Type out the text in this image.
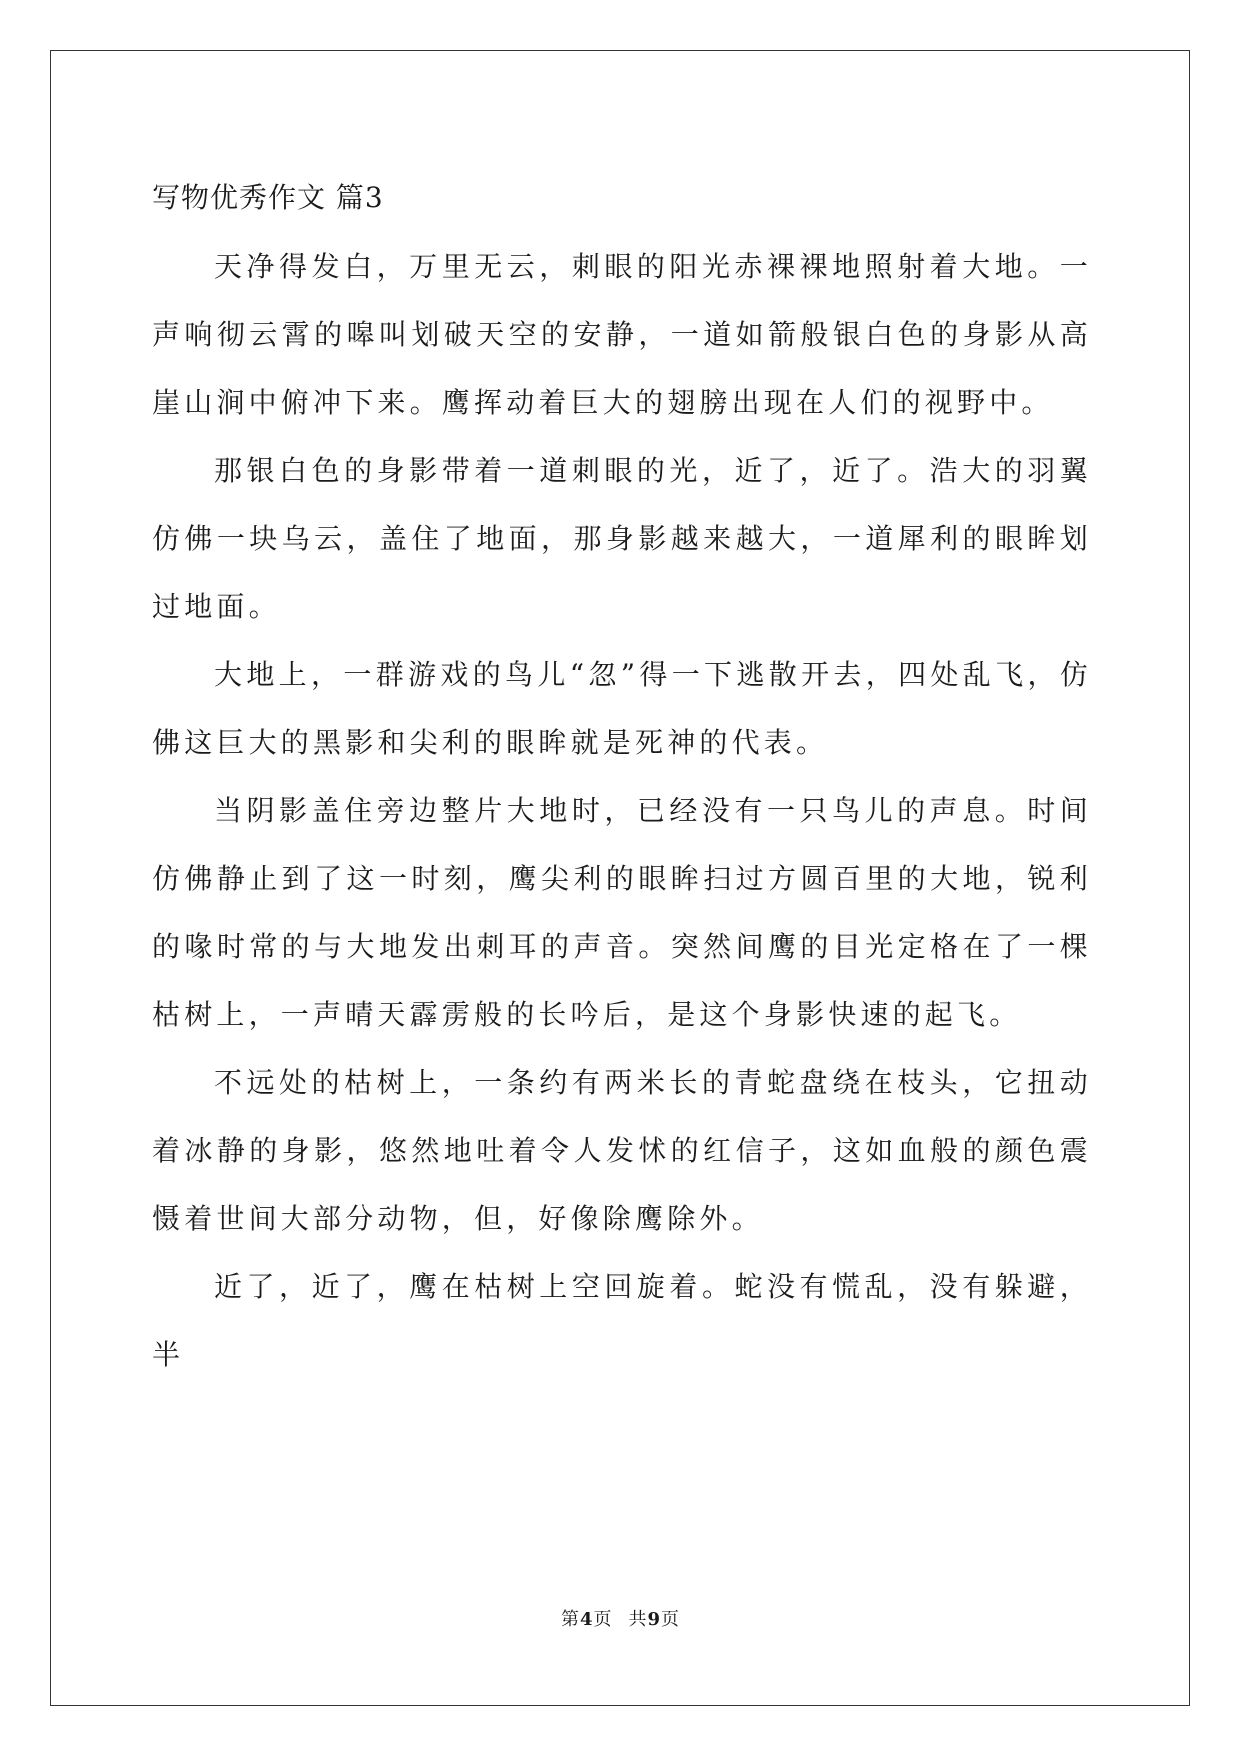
写物优秀作文 篇3

天净得发白，万里无云，刺眼的阳光赤裸裸地照射着大地。一声响彻云霄的嗥叫划破天空的安静，一道如箭般银白色的身影从高崖山涧中俯冲下来。鹰挥动着巨大的翅膀出现在人们的视野中。

那银白色的身影带着一道刺眼的光，近了，近了。浩大的羽翼仿佛一块乌云，盖住了地面，那身影越来越大，一道犀利的眼眸划过地面。

大地上，一群游戏的鸟儿“忽”得一下逃散开去，四处乱飞，仿佛这巨大的黑影和尖利的眼眸就是死神的代表。

当阴影盖住旁边整片大地时，已经没有一只鸟儿的声息。时间仿佛静止到了这一时刻，鹰尖利的眼眸扫过方圆百里的大地，锐利的喙时常的与大地发出刺耳的声音。突然间鹰的目光定格在了一棵枯树上，一声晴天霹雳般的长吟后，是这个身影快速的起飞。

不远处的枯树上，一条约有两米长的青蛇盘绕在枝头，它扭动着冰静的身影，悠然地吐着令人发怵的红信子，这如血般的颜色震慑着世间大部分动物，但，好像除鹰除外。

近了，近了，鹰在枯树上空回旋着。蛇没有慌乱，没有躲避，半

第4页 共9页
